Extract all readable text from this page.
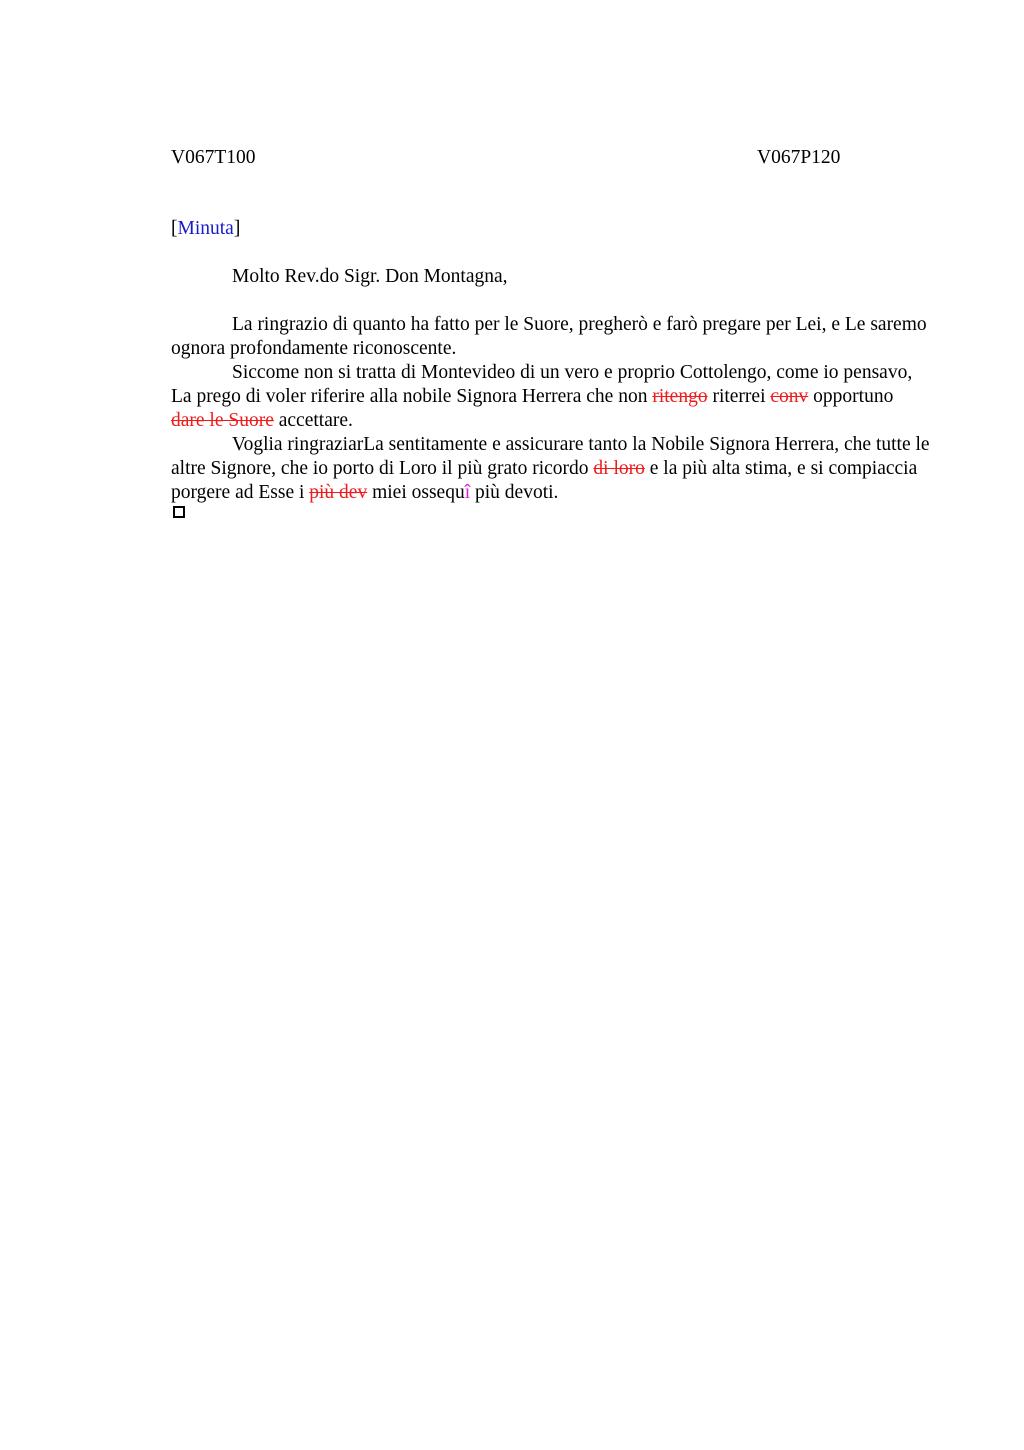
V067T100	V067P120

[Minuta]

Molto Rev.do Sigr. Don Montagna,

La ringrazio di quanto ha fatto per le Suore, pregherò e farò pregare per Lei, e Le saremo ognora profondamente riconoscente.

Siccome non si tratta di Montevideo di un vero e proprio Cottolengo, come io pensavo, La prego di voler riferire alla nobile Signora Herrera che non ritengo riterrei conv opportuno dare le Suore accettare.

Voglia ringraziarLa sentitamente e assicurare tanto la Nobile Signora Herrera, che tutte le altre Signore, che io porto di Loro il più grato ricordo di loro e la più alta stima, e si compiaccia porgere ad Esse i più dev miei ossequî più devoti.
